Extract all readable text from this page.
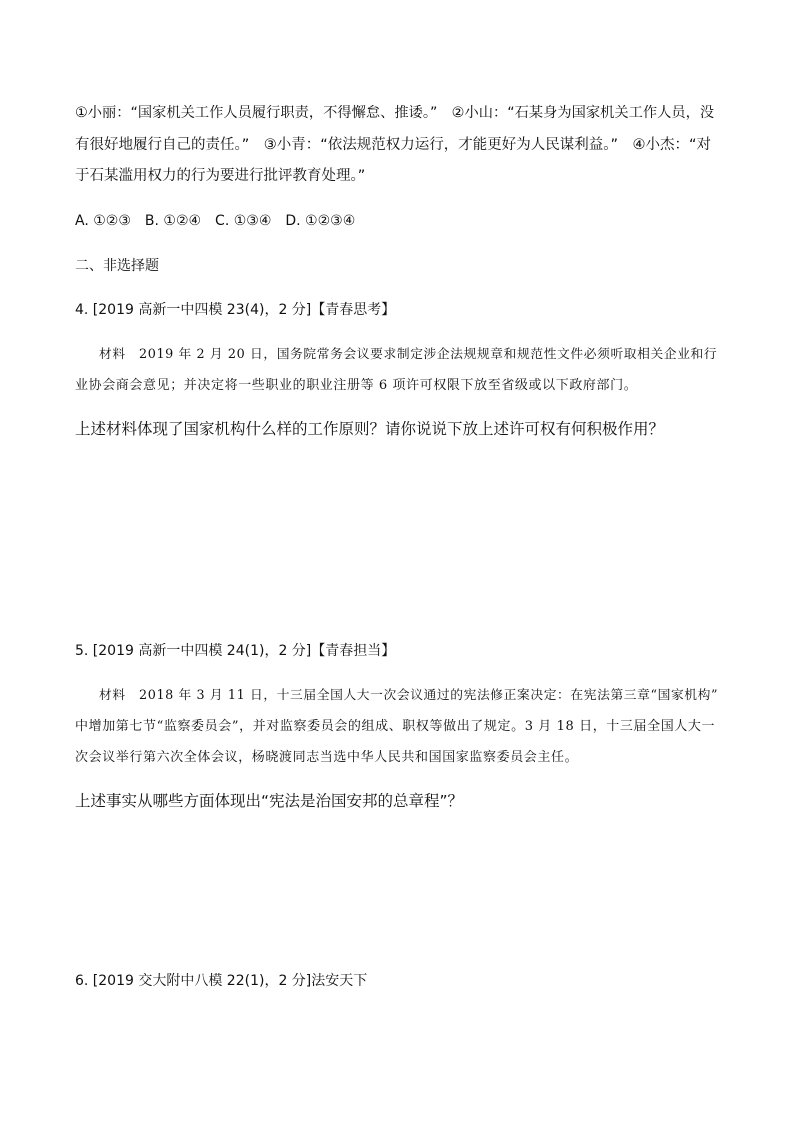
①小丽：“国家机关工作人员履行职责，不得懈怠、推诿。”　②小山：“石某身为国家机关工作人员，没
有很好地履行自己的责任。”　③小青：“依法规范权力运行，才能更好为人民谋利益。”　④小杰：“对
于石某滥用权力的行为要进行批评教育处理。”
A. ①②③　B. ①②④　C. ①③④　D. ①②③④
二、非选择题
4. [2019 高新一中四模 23(4)，2 分]【青春思考】
材料　2019 年 2 月 20 日，国务院常务会议要求制定涉企法规规章和规范性文件必须听取相关企业和行
业协会商会意见；并决定将一些职业的职业注册等 6 项许可权限下放至省级或以下政府部门。
上述材料体现了国家机构什么样的工作原则？请你说说下放上述许可权有何积极作用？
5. [2019 高新一中四模 24(1)，2 分]【青春担当】
材料　2018 年 3 月 11 日，十三届全国人大一次会议通过的宪法修正案决定：在宪法第三章“国家机构”
中增加第七节“监察委员会”，并对监察委员会的组成、职权等做出了规定。3 月 18 日，十三届全国人大一
次会议举行第六次全体会议，杨晓渡同志当选中华人民共和国国家监察委员会主任。
上述事实从哪些方面体现出“宪法是治国安邦的总章程”？
6. [2019 交大附中八模 22(1)，2 分]法安天下
